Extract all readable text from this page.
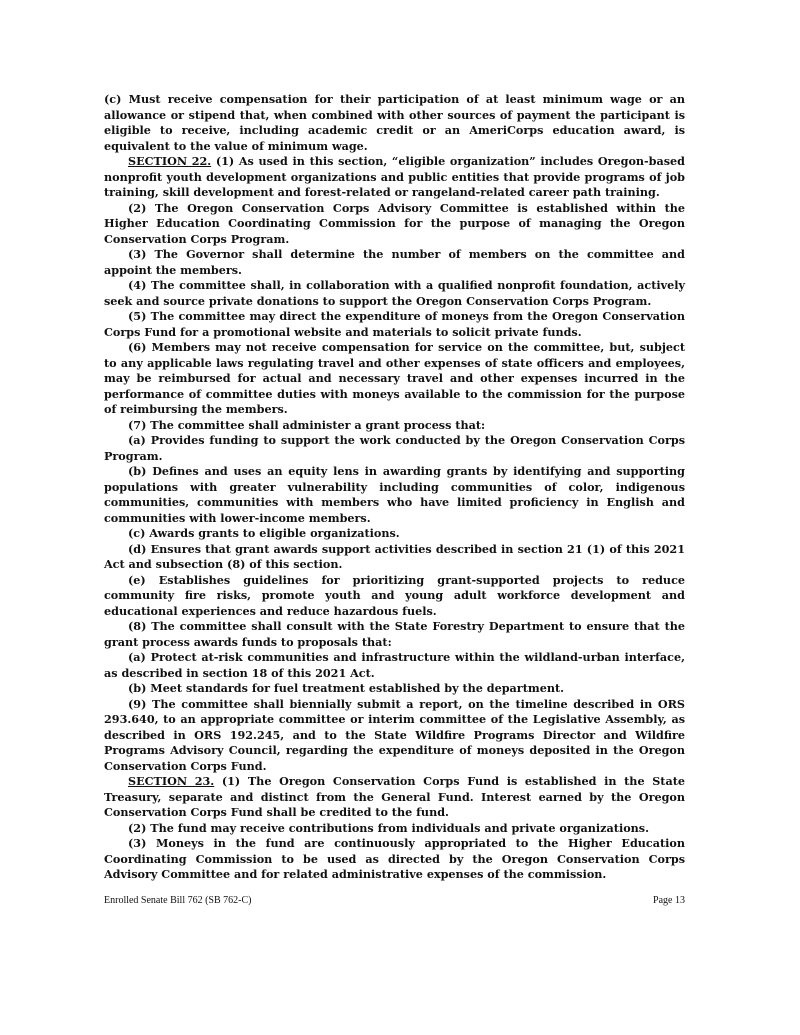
(c) Must receive compensation for their participation of at least minimum wage or an allowance or stipend that, when combined with other sources of payment the participant is eligible to receive, including academic credit or an AmeriCorps education award, is equivalent to the value of minimum wage.

SECTION 22. (1) As used in this section, “eligible organization” includes Oregon-based nonprofit youth development organizations and public entities that provide programs of job training, skill development and forest-related or rangeland-related career path training.

(2) The Oregon Conservation Corps Advisory Committee is established within the Higher Education Coordinating Commission for the purpose of managing the Oregon Conservation Corps Program.

(3) The Governor shall determine the number of members on the committee and appoint the members.

(4) The committee shall, in collaboration with a qualified nonprofit foundation, actively seek and source private donations to support the Oregon Conservation Corps Program.

(5) The committee may direct the expenditure of moneys from the Oregon Conservation Corps Fund for a promotional website and materials to solicit private funds.

(6) Members may not receive compensation for service on the committee, but, subject to any applicable laws regulating travel and other expenses of state officers and employees, may be reimbursed for actual and necessary travel and other expenses incurred in the performance of committee duties with moneys available to the commission for the purpose of reimbursing the members.

(7) The committee shall administer a grant process that:

(a) Provides funding to support the work conducted by the Oregon Conservation Corps Program.

(b) Defines and uses an equity lens in awarding grants by identifying and supporting populations with greater vulnerability including communities of color, indigenous communities, communities with members who have limited proficiency in English and communities with lower-income members.

(c) Awards grants to eligible organizations.

(d) Ensures that grant awards support activities described in section 21 (1) of this 2021 Act and subsection (8) of this section.

(e) Establishes guidelines for prioritizing grant-supported projects to reduce community fire risks, promote youth and young adult workforce development and educational experiences and reduce hazardous fuels.

(8) The committee shall consult with the State Forestry Department to ensure that the grant process awards funds to proposals that:

(a) Protect at-risk communities and infrastructure within the wildland-urban interface, as described in section 18 of this 2021 Act.

(b) Meet standards for fuel treatment established by the department.

(9) The committee shall biennially submit a report, on the timeline described in ORS 293.640, to an appropriate committee or interim committee of the Legislative Assembly, as described in ORS 192.245, and to the State Wildfire Programs Director and Wildfire Programs Advisory Council, regarding the expenditure of moneys deposited in the Oregon Conservation Corps Fund.

SECTION 23. (1) The Oregon Conservation Corps Fund is established in the State Treasury, separate and distinct from the General Fund. Interest earned by the Oregon Conservation Corps Fund shall be credited to the fund.

(2) The fund may receive contributions from individuals and private organizations.

(3) Moneys in the fund are continuously appropriated to the Higher Education Coordinating Commission to be used as directed by the Oregon Conservation Corps Advisory Committee and for related administrative expenses of the commission.

Enrolled Senate Bill 762 (SB 762-C)	Page 13
